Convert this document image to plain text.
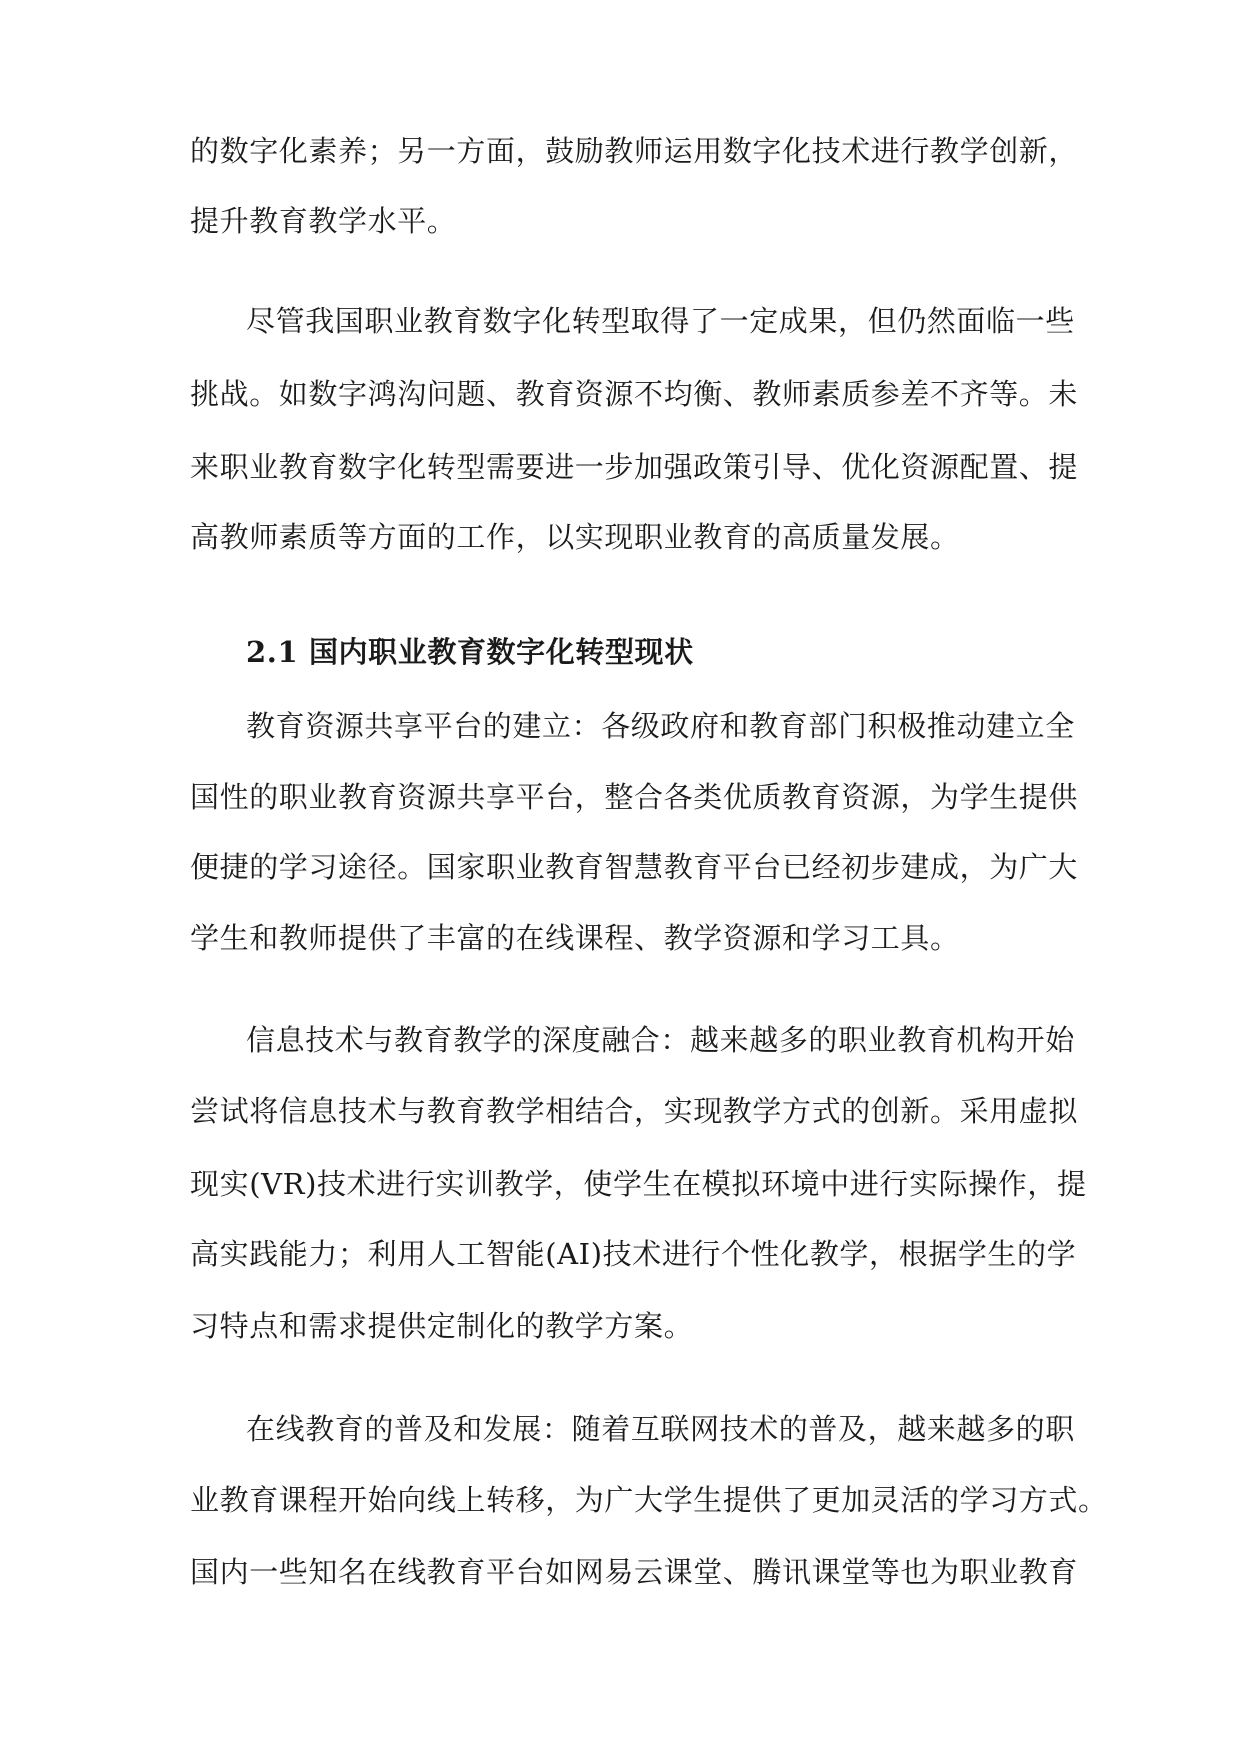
的数字化素养；另一方面，鼓励教师运用数字化技术进行教学创新，
提升教育教学水平。
尽管我国职业教育数字化转型取得了一定成果，但仍然面临一些
挑战。如数字鸿沟问题、教育资源不均衡、教师素质参差不齐等。未
来职业教育数字化转型需要进一步加强政策引导、优化资源配置、提
高教师素质等方面的工作，以实现职业教育的高质量发展。
2.1 国内职业教育数字化转型现状
教育资源共享平台的建立：各级政府和教育部门积极推动建立全
国性的职业教育资源共享平台，整合各类优质教育资源，为学生提供
便捷的学习途径。国家职业教育智慧教育平台已经初步建成，为广大
学生和教师提供了丰富的在线课程、教学资源和学习工具。
信息技术与教育教学的深度融合：越来越多的职业教育机构开始
尝试将信息技术与教育教学相结合，实现教学方式的创新。采用虚拟
现实(VR)技术进行实训教学，使学生在模拟环境中进行实际操作，提
高实践能力；利用人工智能(AI)技术进行个性化教学，根据学生的学
习特点和需求提供定制化的教学方案。
在线教育的普及和发展：随着互联网技术的普及，越来越多的职
业教育课程开始向线上转移，为广大学生提供了更加灵活的学习方式。
国内一些知名在线教育平台如网易云课堂、腾讯课堂等也为职业教育
